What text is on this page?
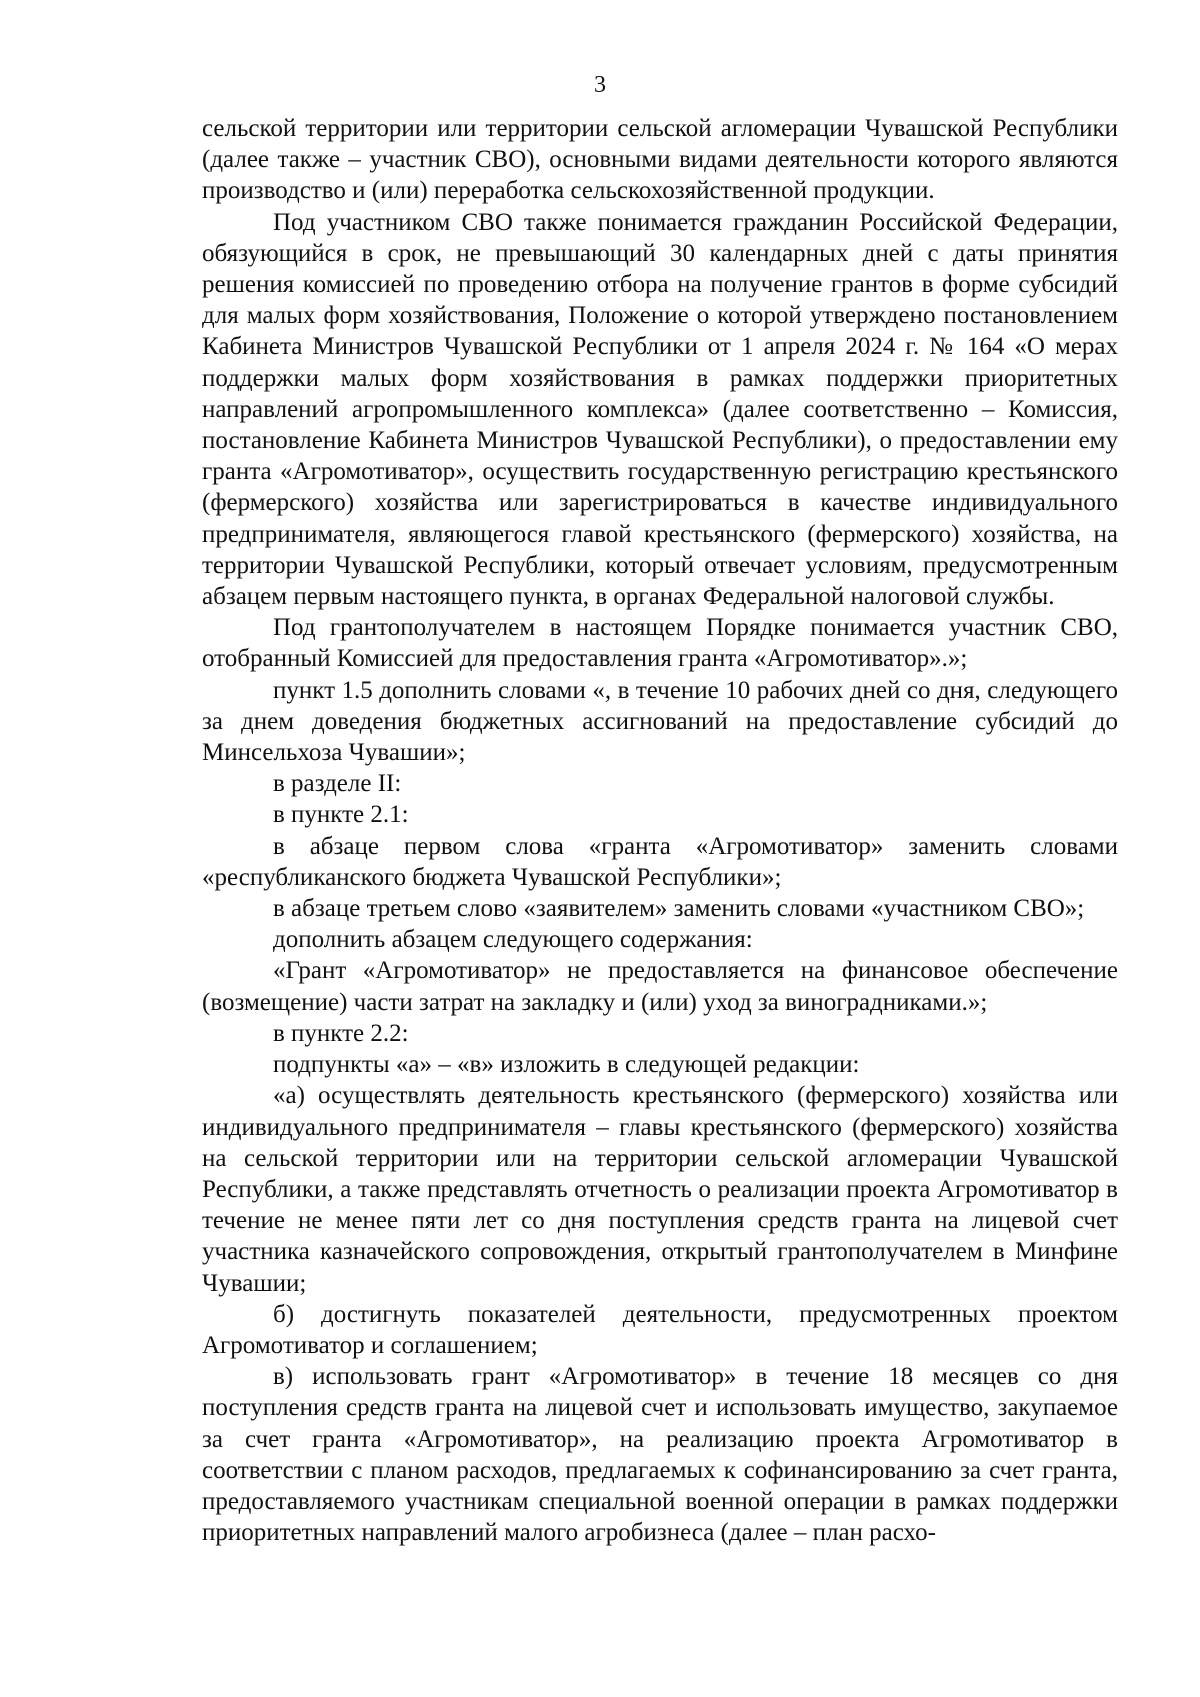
3

сельской территории или территории сельской агломерации Чувашской Республики (далее также – участник СВО), основными видами деятельности которого являются производство и (или) переработка сельскохозяйственной продукции.

Под участником СВО также понимается гражданин Российской Федерации, обязующийся в срок, не превышающий 30 календарных дней с даты принятия решения комиссией по проведению отбора на получение грантов в форме субсидий для малых форм хозяйствования, Положение о которой утверждено постановлением Кабинета Министров Чувашской Республики от 1 апреля 2024 г. № 164 «О мерах поддержки малых форм хозяйствования в рамках поддержки приоритетных направлений агропромышленного комплекса» (далее соответственно – Комиссия, постановление Кабинета Министров Чувашской Республики), о предоставлении ему гранта «Агромотиватор», осуществить государственную регистрацию крестьянского (фермерского) хозяйства или зарегистрироваться в качестве индивидуального предпринимателя, являющегося главой крестьянского (фермерского) хозяйства, на территории Чувашской Республики, который отвечает условиям, предусмотренным абзацем первым настоящего пункта, в органах Федеральной налоговой службы.

Под грантополучателем в настоящем Порядке понимается участник СВО, отобранный Комиссией для предоставления гранта «Агромотиватор».»;

пункт 1.5 дополнить словами «, в течение 10 рабочих дней со дня, следующего за днем доведения бюджетных ассигнований на предоставление субсидий до Минсельхоза Чувашии»;

в разделе II:

в пункте 2.1:

в абзаце первом слова «гранта «Агромотиватор» заменить словами «республиканского бюджета Чувашской Республики»;

в абзаце третьем слово «заявителем» заменить словами «участником СВО»;

дополнить абзацем следующего содержания:

«Грант «Агромотиватор» не предоставляется на финансовое обеспечение (возмещение) части затрат на закладку и (или) уход за виноградниками.»;

в пункте 2.2:

подпункты «а» – «в» изложить в следующей редакции:

«а) осуществлять деятельность крестьянского (фермерского) хозяйства или индивидуального предпринимателя – главы крестьянского (фермерского) хозяйства на сельской территории или на территории сельской агломерации Чувашской Республики, а также представлять отчетность о реализации проекта Агромотиватор в течение не менее пяти лет со дня поступления средств гранта на лицевой счет участника казначейского сопровождения, открытый грантополучателем в Минфине Чувашии;

б) достигнуть показателей деятельности, предусмотренных проектом Агромотиватор и соглашением;

в) использовать грант «Агромотиватор» в течение 18 месяцев со дня поступления средств гранта на лицевой счет и использовать имущество, закупаемое за счет гранта «Агромотиватор», на реализацию проекта Агромотиватор в соответствии с планом расходов, предлагаемых к софинансированию за счет гранта, предоставляемого участникам специальной военной операции в рамках поддержки приоритетных направлений малого агробизнеса (далее – план расхо-
